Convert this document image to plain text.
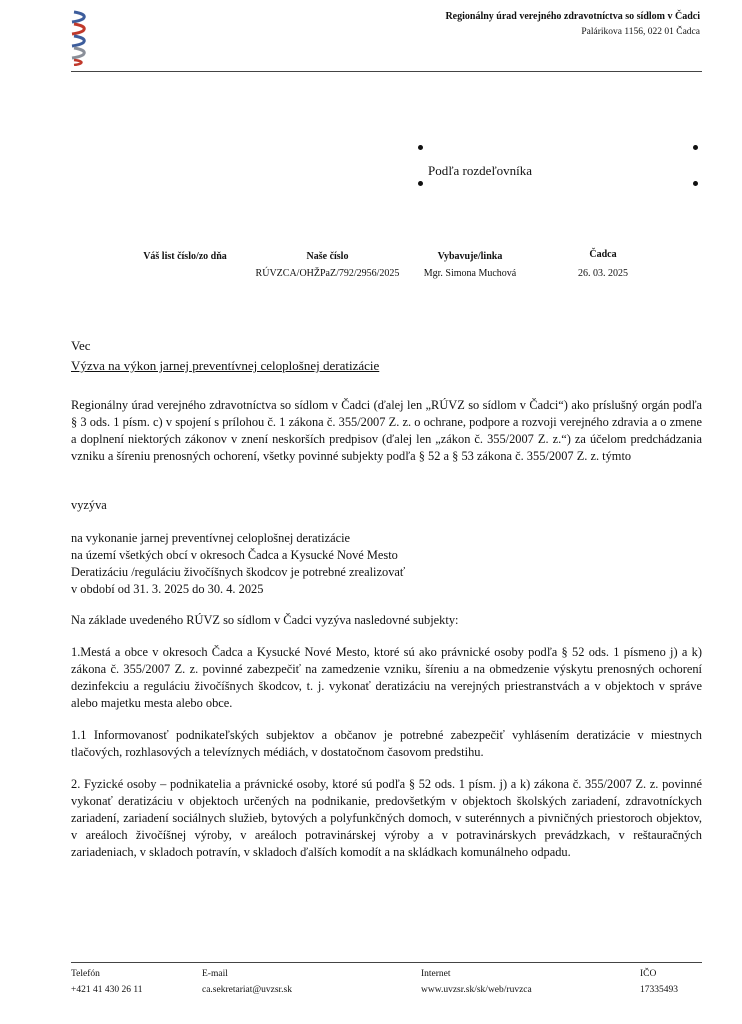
Regionálny úrad verejného zdravotníctva so sídlom v Čadci
Palárikova 1156, 022 01 Čadca
Podľa rozdeľovníka
Váš list číslo/zo dňa	Naše číslo
RÚVZCA/OHŽPaZ/792/2956/2025
Vybavuje/linka
Mgr. Simona Muchová
Čadca
26. 03. 2025
Vec
Výzva na výkon jarnej preventívnej celoplošnej deratizácie

Regionálny úrad verejného zdravotníctva so sídlom v Čadci (ďalej len „RÚVZ so sídlom v Čadci“) ako príslušný orgán podľa § 3 ods. 1 písm. c) v spojení s prílohou č. 1 zákona č. 355/2007 Z. z. o ochrane, podpore a rozvoji verejného zdravia a o zmene a doplnení niektorých zákonov v znení neskorších predpisov (ďalej len „zákon č. 355/2007 Z. z.“) za účelom predchádzania vzniku a šíreniu prenosných ochorení, všetky povinné subjekty podľa § 52 a § 53 zákona č. 355/2007 Z. z. týmto

vyzýva

na vykonanie jarnej preventívnej celoplošnej deratizácie

na území všetkých obcí v okresoch Čadca a Kysucké Nové Mesto

Deratizáciu /reguláciu živočíšnych škodcov je potrebné zrealizovať

v období od 31. 3. 2025 do 30. 4. 2025

Na základe uvedeného RÚVZ so sídlom v Čadci vyzýva nasledovné subjekty:

1.Mestá a obce v okresoch Čadca a Kysucké Nové Mesto, ktoré sú ako právnické osoby podľa § 52 ods. 1 písmeno j) a k) zákona č. 355/2007 Z. z. povinné zabezpečiť na zamedzenie vzniku, šíreniu a na obmedzenie výskytu prenosných ochorení dezinfekciu a reguláciu živočíšnych škodcov, t. j. vykonať deratizáciu na verejných priestranstvách a v objektoch v správe alebo majetku mesta alebo obce.

1.1 Informovanosť podnikateľských subjektov a občanov je potrebné zabezpečiť vyhlásením deratizácie v miestnych tlačových, rozhlasových a televíznych médiách, v dostatočnom časovom predstihu.

2. Fyzické osoby – podnikatelia a právnické osoby, ktoré sú podľa § 52 ods. 1 písm. j) a k) zákona č. 355/2007 Z. z. povinné vykonať deratizáciu v objektoch určených na podnikanie, predovšetkým v objektoch školských zariadení, zdravotníckych zariadení, zariadení sociálnych služieb, bytových a polyfunkčných domoch, v suterénnych a pivničných priestoroch objektov, v areáloch živočíšnej výroby, v areáloch potravinárskej výroby a v potravinárskych prevádzkach, v reštauračných zariadeniach, v skladoch potravín, v skladoch ďalších komodít a na skládkach komunálneho odpadu.

Telefón
+421 41 430 26 11
E-mail
ca.sekretariat@uvzsr.sk
Internet
www.uvzsr.sk/sk/web/ruvzca
IČO
17335493
